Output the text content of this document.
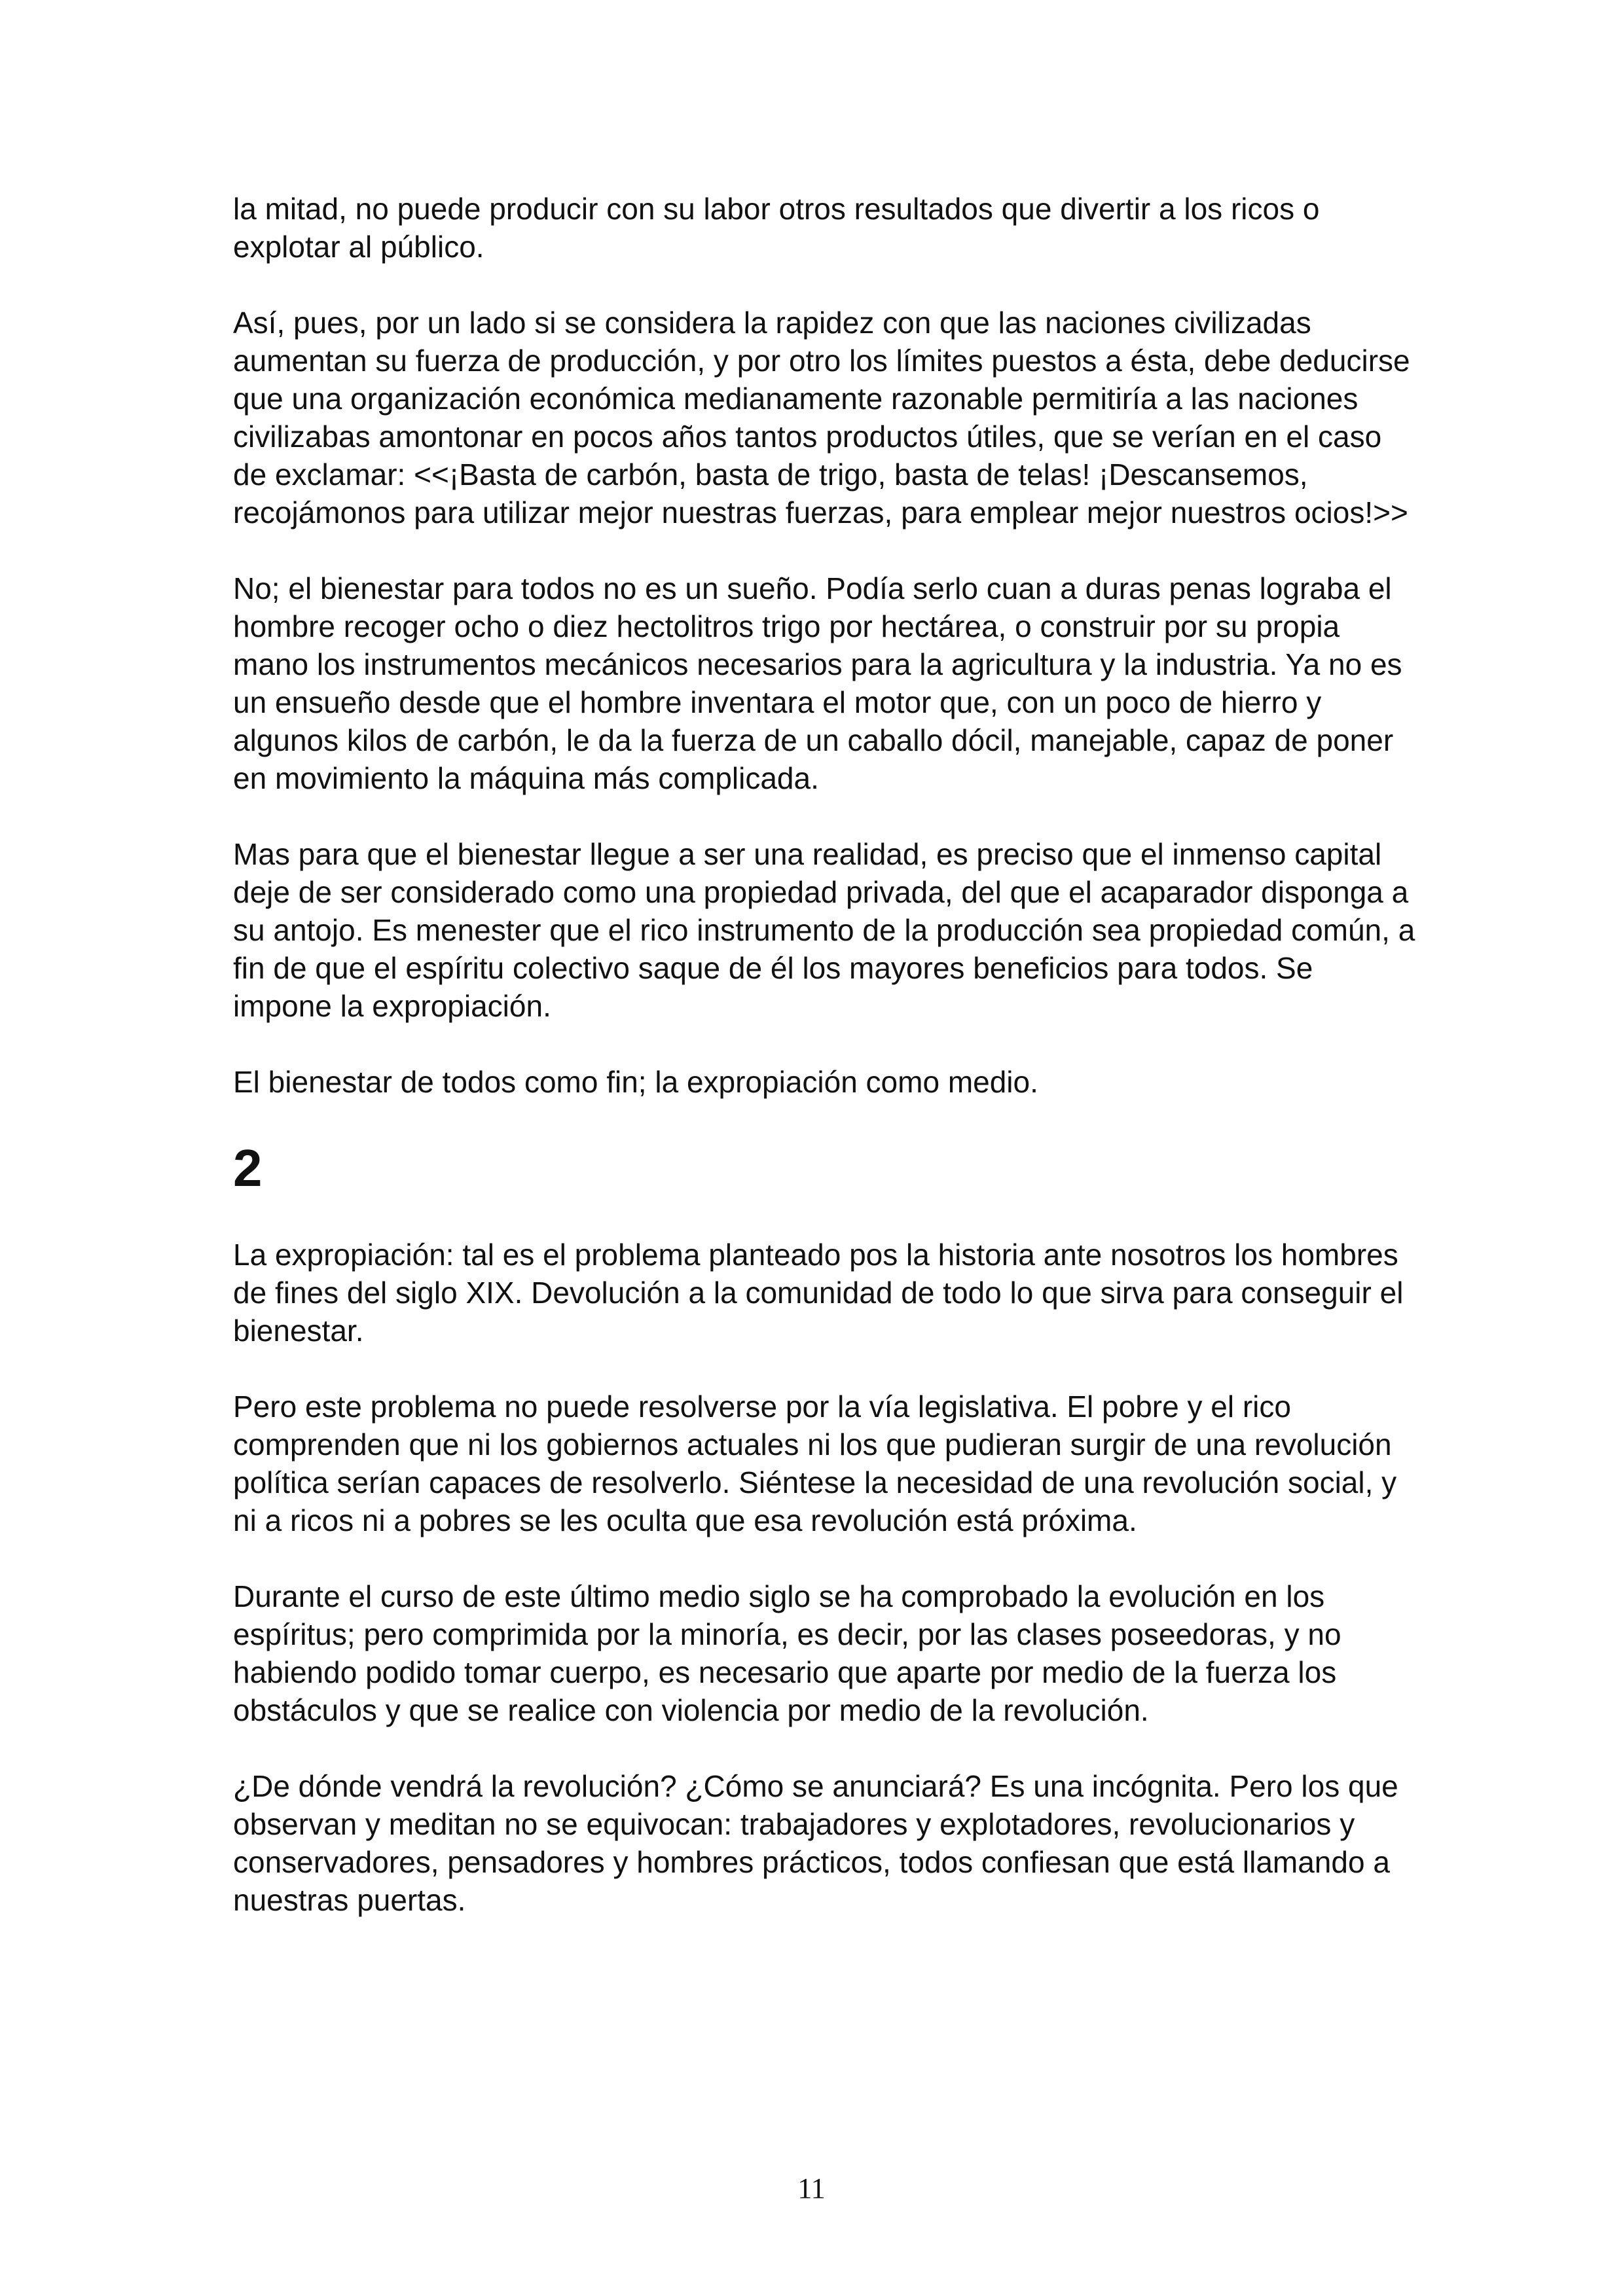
la mitad, no puede producir con su labor otros resultados que divertir a los ricos o explotar al público.

Así, pues, por un lado si se considera la rapidez con que las naciones civilizadas aumentan su fuerza de producción, y por otro los límites puestos a ésta, debe deducirse que una organización económica medianamente razonable permitiría a las naciones civilizabas amontonar en pocos años tantos productos útiles, que se verían en el caso de exclamar: <<¡Basta de carbón, basta de trigo, basta de telas! ¡Descansemos, recojámonos para utilizar mejor nuestras fuerzas, para emplear mejor nuestros ocios!>>

No; el bienestar para todos no es un sueño. Podía serlo cuan a duras penas lograba el hombre recoger ocho o diez hectolitros trigo por hectárea, o construir por su propia mano los instrumentos mecánicos necesarios para la agricultura y la industria. Ya no es un ensueño desde que el hombre inventara el motor que, con un poco de hierro y algunos kilos de carbón, le da la fuerza de un caballo dócil, manejable, capaz de poner en movimiento la máquina más complicada.

Mas para que el bienestar llegue a ser una realidad, es preciso que el inmenso capital deje de ser considerado como una propiedad privada, del que el acaparador disponga a su antojo. Es menester que el rico instrumento de la producción sea propiedad común, a fin de que el espíritu colectivo saque de él los mayores beneficios para todos. Se impone la expropiación.

El bienestar de todos como fin; la expropiación como medio.

2

La expropiación: tal es el problema planteado pos la historia ante nosotros los hombres de fines del siglo XIX. Devolución a la comunidad de todo lo que sirva para conseguir el bienestar.

Pero este problema no puede resolverse por la vía legislativa. El pobre y el rico comprenden que ni los gobiernos actuales ni los que pudieran surgir de una revolución política serían capaces de resolverlo. Siéntese la necesidad de una revolución social, y ni a ricos ni a pobres se les oculta que esa revolución está próxima.

Durante el curso de este último medio siglo se ha comprobado la evolución en los espíritus; pero comprimida por la minoría, es decir, por las clases poseedoras, y no habiendo podido tomar cuerpo, es necesario que aparte por medio de la fuerza los obstáculos y que se realice con violencia por medio de la revolución.

¿De dónde vendrá la revolución? ¿Cómo se anunciará? Es una incógnita. Pero los que observan y meditan no se equivocan: trabajadores y explotadores, revolucionarios y conservadores, pensadores y hombres prácticos, todos confiesan que está llamando a nuestras puertas.

11
